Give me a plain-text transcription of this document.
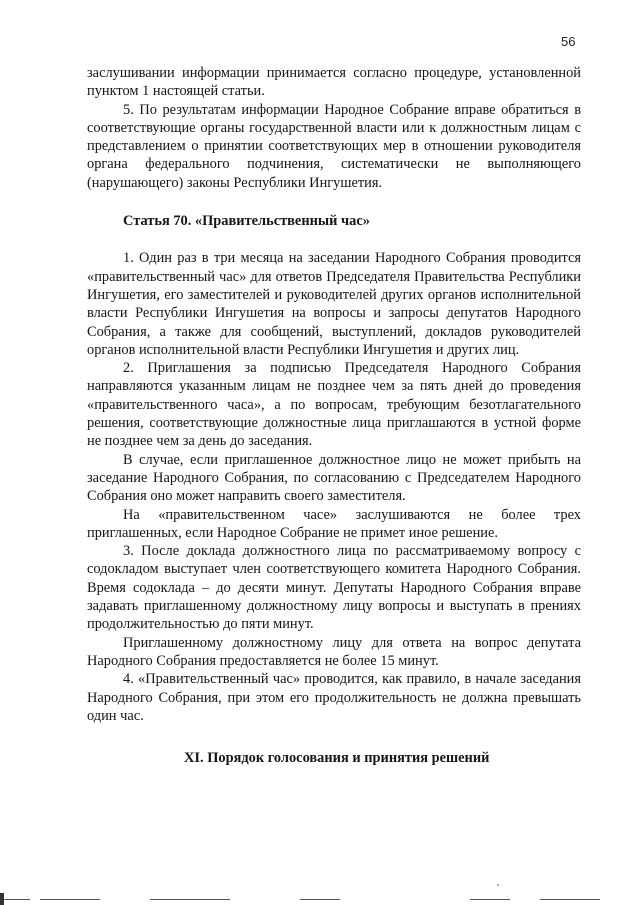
56

заслушивании информации принимается согласно процедуре, установленной пунктом 1 настоящей статьи.

5. По результатам информации Народное Собрание вправе обратиться в соответствующие органы государственной власти или к должностным лицам с представлением о принятии соответствующих мер в отношении руководителя органа федерального подчинения, систематически не выполняющего (нарушающего) законы Республики Ингушетия.

Статья 70. «Правительственный час»

1. Один раз в три месяца на заседании Народного Собрания проводится «правительственный час» для ответов Председателя Правительства Республики Ингушетия, его заместителей и руководителей других органов исполнительной власти Республики Ингушетия на вопросы и запросы депутатов Народного Собрания, а также для сообщений, выступлений, докладов руководителей органов исполнительной власти Республики Ингушетия и других лиц.

2. Приглашения за подписью Председателя Народного Собрания направляются указанным лицам не позднее чем за пять дней до проведения «правительственного часа», а по вопросам, требующим безотлагательного решения, соответствующие должностные лица приглашаются в устной форме не позднее чем за день до заседания.

В случае, если приглашенное должностное лицо не может прибыть на заседание Народного Собрания, по согласованию с Председателем Народного Собрания оно может направить своего заместителя.

На «правительственном часе» заслушиваются не более трех приглашенных, если Народное Собрание не примет иное решение.

3. После доклада должностного лица по рассматриваемому вопросу с содокладом выступает член соответствующего комитета Народного Собрания. Время содоклада – до десяти минут. Депутаты Народного Собрания вправе задавать приглашенному должностному лицу вопросы и выступать в прениях продолжительностью до пяти минут.

Приглашенному должностному лицу для ответа на вопрос депутата Народного Собрания предоставляется не более 15 минут.

4. «Правительственный час» проводится, как правило, в начале заседания Народного Собрания, при этом его продолжительность не должна превышать один час.

XI. Порядок голосования и принятия решений
